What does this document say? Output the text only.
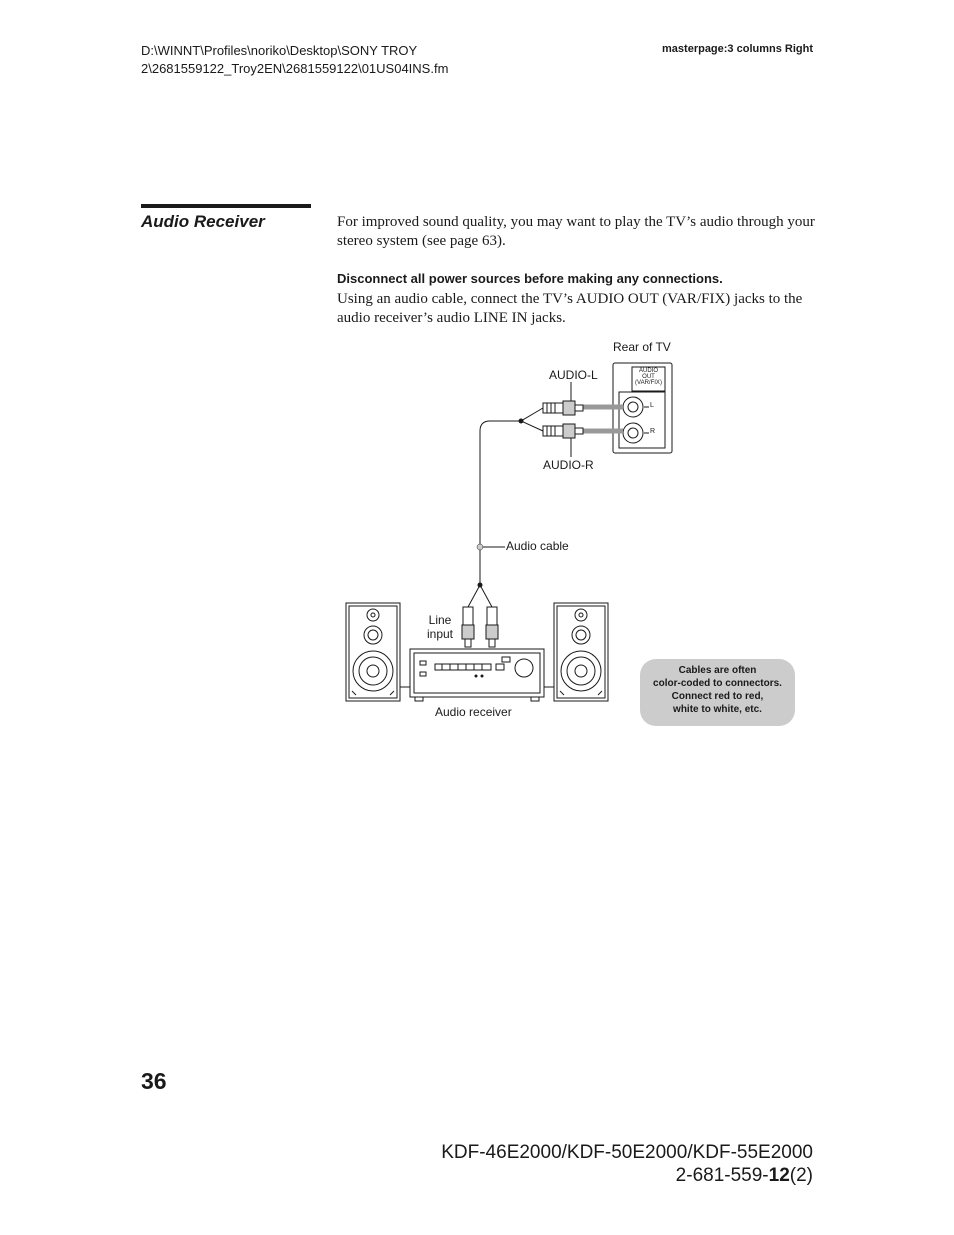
D:\WINNT\Profiles\noriko\Desktop\SONY TROY
2\2681559122_Troy2EN\2681559122\01US04INS.fm
masterpage:3 columns Right
Audio Receiver	For improved sound quality, you may want to play the TV’s audio through your stereo system (see page 63).
Disconnect all power sources before making any connections.
Using an audio cable, connect the TV’s AUDIO OUT (VAR/FIX) jacks to the audio receiver’s audio LINE IN jacks.
Rear of TV
AUDIO-L
AUDIO-R
AUDIO
OUT
(VAR/FIX)
L
R
Audio cable
Line
input
Audio receiver
Cables are often
color-coded to connectors.
Connect red to red,
white to white, etc.
36
KDF-46E2000/KDF-50E2000/KDF-55E2000
2-681-559-12(2)
